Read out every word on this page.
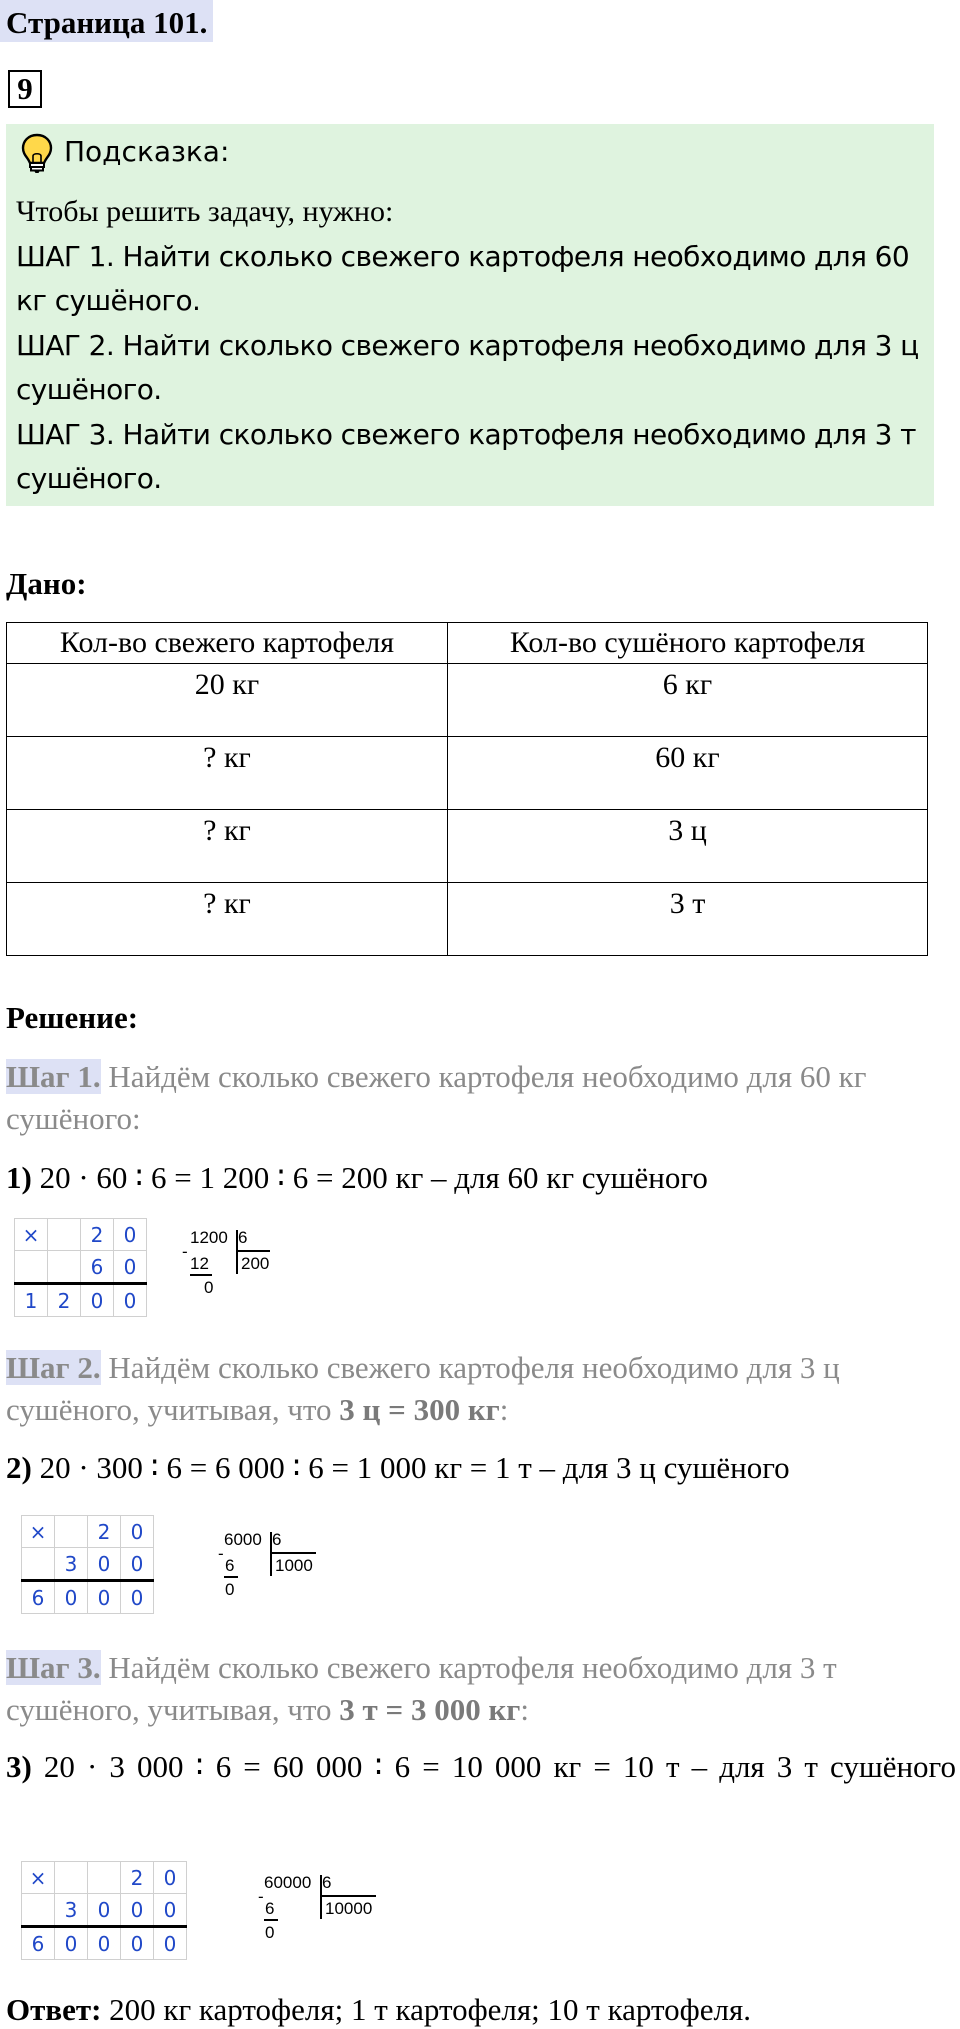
Страница 101.
9
Подсказка:

Чтобы решить задачу, нужно:

ШАГ 1. Найти сколько свежего картофеля необходимо для 60 кг сушёного.

ШАГ 2. Найти сколько свежего картофеля необходимо для 3 ц сушёного.

ШАГ 3. Найти сколько свежего картофеля необходимо для 3 т сушёного.

Дано:
Кол-во свежего картофеля	Кол-во сушёного картофеля
20 кг	6 кг
? кг	60 кг
? кг	3 ц
? кг	3 т
Решение:
Шаг 1. Найдём сколько свежего картофеля необходимо для 60 кг сушёного:
1) 20 · 60 ∶ 6 = 1 200 ∶ 6 = 200 кг – для 60 кг сушёного
×		2	0
		6	0
1	2	0	0
1200 6
-
12 200
0
Шаг 2. Найдём сколько свежего картофеля необходимо для 3 ц сушёного, учитывая, что 3 ц = 300 кг:
2) 20 · 300 ∶ 6 = 6 000 ∶ 6 = 1 000 кг = 1 т – для 3 ц сушёного
×		2	0
	3	0	0
6	0	0	0
6000 6
-
6 1000
0
Шаг 3. Найдём сколько свежего картофеля необходимо для 3 т сушёного, учитывая, что 3 т = 3 000 кг:
3) 20 · 3 000 ∶ 6 = 60 000 ∶ 6 = 10 000 кг = 10 т – для 3 т сушёного
×			2	0
	3	0	0	0
6	0	0	0	0
60000 6
-
6	10000
0
Ответ: 200 кг картофеля; 1 т картофеля; 10 т картофеля.
